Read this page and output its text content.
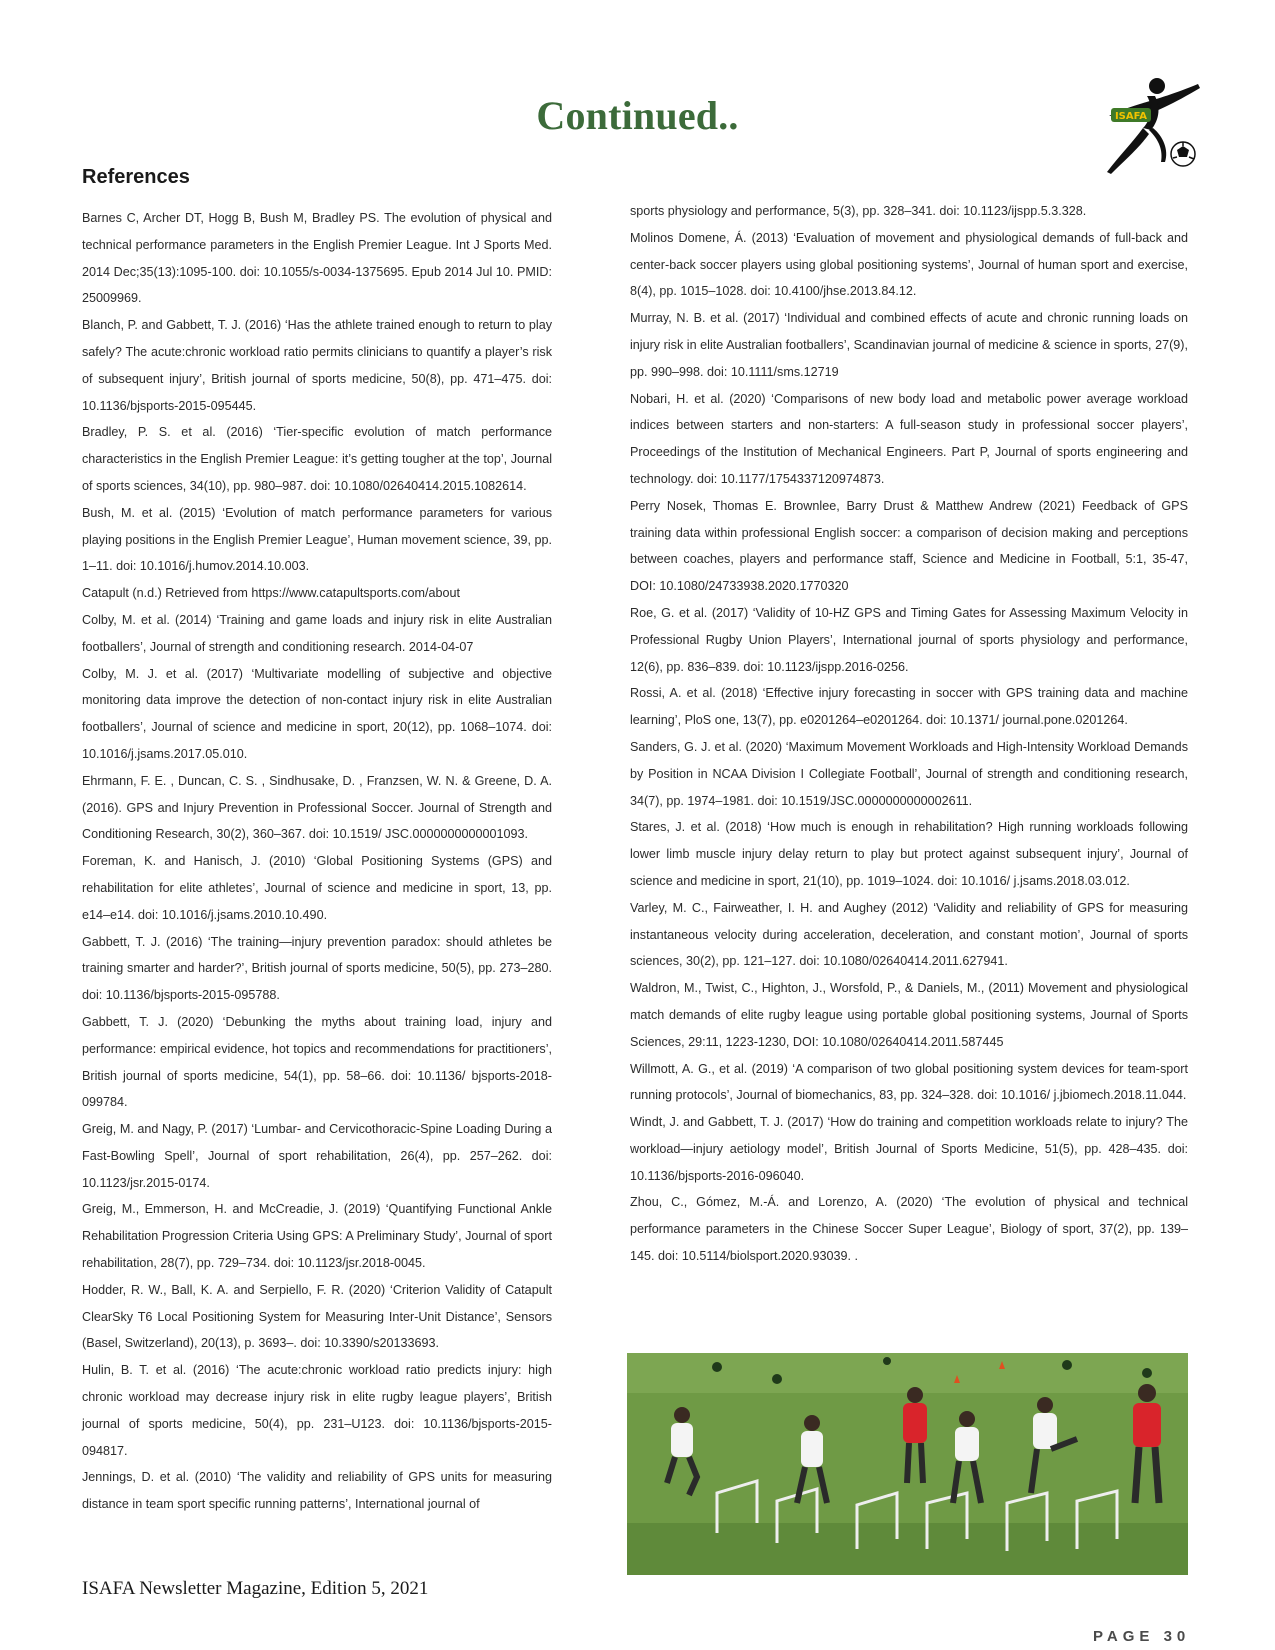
Continued..	ISAFA
References

Barnes C, Archer DT, Hogg B, Bush M, Bradley PS. The evolution of physical and technical performance parameters in the English Premier League. Int J Sports Med. 2014 Dec;35(13):1095-100. doi: 10.1055/s-0034-1375695. Epub 2014 Jul 10. PMID: 25009969.

Blanch, P. and Gabbett, T. J. (2016) ‘Has the athlete trained enough to return to play safely? The acute:chronic workload ratio permits clinicians to quantify a player’s risk of subsequent injury’, British journal of sports medicine, 50(8), pp. 471–475. doi: 10.1136/bjsports-2015-095445.

Bradley, P. S. et al. (2016) ‘Tier-specific evolution of match performance characteristics in the English Premier League: it’s getting tougher at the top’, Journal of sports sciences, 34(10), pp. 980–987. doi: 10.1080/02640414.2015.1082614.

Bush, M. et al. (2015) ‘Evolution of match performance parameters for various playing positions in the English Premier League’, Human movement science, 39, pp. 1–11. doi: 10.1016/j.humov.2014.10.003.

Catapult (n.d.) Retrieved from https://www.catapultsports.com/about

Colby, M. et al. (2014) ‘Training and game loads and injury risk in elite Australian footballers’, Journal of strength and conditioning research. 2014-04-07

Colby, M. J. et al. (2017) ‘Multivariate modelling of subjective and objective monitoring data improve the detection of non-contact injury risk in elite Australian footballers’, Journal of science and medicine in sport, 20(12), pp. 1068–1074. doi: 10.1016/j.jsams.2017.05.010.

Ehrmann, F. E. , Duncan, C. S. , Sindhusake, D. , Franzsen, W. N. & Greene, D. A. (2016). GPS and Injury Prevention in Professional Soccer. Journal of Strength and Conditioning Research, 30(2), 360–367. doi: 10.1519/ JSC.0000000000001093.

Foreman, K. and Hanisch, J. (2010) ‘Global Positioning Systems (GPS) and rehabilitation for elite athletes’, Journal of science and medicine in sport, 13, pp. e14–e14. doi: 10.1016/j.jsams.2010.10.490.

Gabbett, T. J. (2016) ‘The training—injury prevention paradox: should athletes be training smarter and harder?’, British journal of sports medicine, 50(5), pp. 273–280. doi: 10.1136/bjsports-2015-095788.

Gabbett, T. J. (2020) ‘Debunking the myths about training load, injury and performance: empirical evidence, hot topics and recommendations for practitioners’, British journal of sports medicine, 54(1), pp. 58–66. doi: 10.1136/ bjsports-2018-099784.

Greig, M. and Nagy, P. (2017) ‘Lumbar- and Cervicothoracic-Spine Loading During a Fast-Bowling Spell’, Journal of sport rehabilitation, 26(4), pp. 257–262. doi: 10.1123/jsr.2015-0174.

Greig, M., Emmerson, H. and McCreadie, J. (2019) ‘Quantifying Functional Ankle Rehabilitation Progression Criteria Using GPS: A Preliminary Study’, Journal of sport rehabilitation, 28(7), pp. 729–734. doi: 10.1123/jsr.2018-0045.

Hodder, R. W., Ball, K. A. and Serpiello, F. R. (2020) ‘Criterion Validity of Catapult ClearSky T6 Local Positioning System for Measuring Inter-Unit Distance’, Sensors (Basel, Switzerland), 20(13), p. 3693–. doi: 10.3390/s20133693.

Hulin, B. T. et al. (2016) ‘The acute:chronic workload ratio predicts injury: high chronic workload may decrease injury risk in elite rugby league players’, British journal of sports medicine, 50(4), pp. 231–U123. doi: 10.1136/bjsports-2015-094817.

Jennings, D. et al. (2010) ‘The validity and reliability of GPS units for measuring distance in team sport specific running patterns’, International journal of

sports physiology and performance, 5(3), pp. 328–341. doi: 10.1123/ijspp.5.3.328.

Molinos Domene, Á. (2013) ‘Evaluation of movement and physiological demands of full-back and center-back soccer players using global positioning systems’, Journal of human sport and exercise, 8(4), pp. 1015–1028. doi: 10.4100/jhse.2013.84.12.

Murray, N. B. et al. (2017) ‘Individual and combined effects of acute and chronic running loads on injury risk in elite Australian footballers’, Scandinavian journal of medicine & science in sports, 27(9), pp. 990–998. doi: 10.1111/sms.12719

Nobari, H. et al. (2020) ‘Comparisons of new body load and metabolic power average workload indices between starters and non-starters: A full-season study in professional soccer players’, Proceedings of the Institution of Mechanical Engineers. Part P, Journal of sports engineering and technology. doi: 10.1177/1754337120974873.

Perry Nosek, Thomas E. Brownlee, Barry Drust & Matthew Andrew (2021) Feedback of GPS training data within professional English soccer: a comparison of decision making and perceptions between coaches, players and performance staff, Science and Medicine in Football, 5:1, 35-47, DOI: 10.1080/24733938.2020.1770320

Roe, G. et al. (2017) ‘Validity of 10-HZ GPS and Timing Gates for Assessing Maximum Velocity in Professional Rugby Union Players’, International journal of sports physiology and performance, 12(6), pp. 836–839. doi: 10.1123/ijspp.2016-0256.

Rossi, A. et al. (2018) ‘Effective injury forecasting in soccer with GPS training data and machine learning’, PloS one, 13(7), pp. e0201264–e0201264. doi: 10.1371/ journal.pone.0201264.

Sanders, G. J. et al. (2020) ‘Maximum Movement Workloads and High-Intensity Workload Demands by Position in NCAA Division I Collegiate Football’, Journal of strength and conditioning research, 34(7), pp. 1974–1981. doi: 10.1519/JSC.0000000000002611.

Stares, J. et al. (2018) ‘How much is enough in rehabilitation? High running workloads following lower limb muscle injury delay return to play but protect against subsequent injury’, Journal of science and medicine in sport, 21(10), pp. 1019–1024. doi: 10.1016/ j.jsams.2018.03.012.

Varley, M. C., Fairweather, I. H. and Aughey (2012) ‘Validity and reliability of GPS for measuring instantaneous velocity during acceleration, deceleration, and constant motion’, Journal of sports sciences, 30(2), pp. 121–127. doi: 10.1080/02640414.2011.627941.

Waldron, M., Twist, C., Highton, J., Worsfold, P., & Daniels, M., (2011) Movement and physiological match demands of elite rugby league using portable global positioning systems, Journal of Sports Sciences, 29:11, 1223-1230, DOI: 10.1080/02640414.2011.587445

Willmott, A. G., et al. (2019) ‘A comparison of two global positioning system devices for team-sport running protocols’, Journal of biomechanics, 83, pp. 324–328. doi: 10.1016/ j.jbiomech.2018.11.044.

Windt, J. and Gabbett, T. J. (2017) ‘How do training and competition workloads relate to injury? The workload—injury aetiology model’, British Journal of Sports Medicine, 51(5), pp. 428–435. doi: 10.1136/bjsports-2016-096040.

Zhou, C., Gómez, M.-Á. and Lorenzo, A. (2020) ‘The evolution of physical and technical performance parameters in the Chinese Soccer Super League’, Biology of sport, 37(2), pp. 139–145. doi: 10.5114/biolsport.2020.93039. .

ISAFA Newsletter Magazine, Edition 5, 2021

PAGE 30
